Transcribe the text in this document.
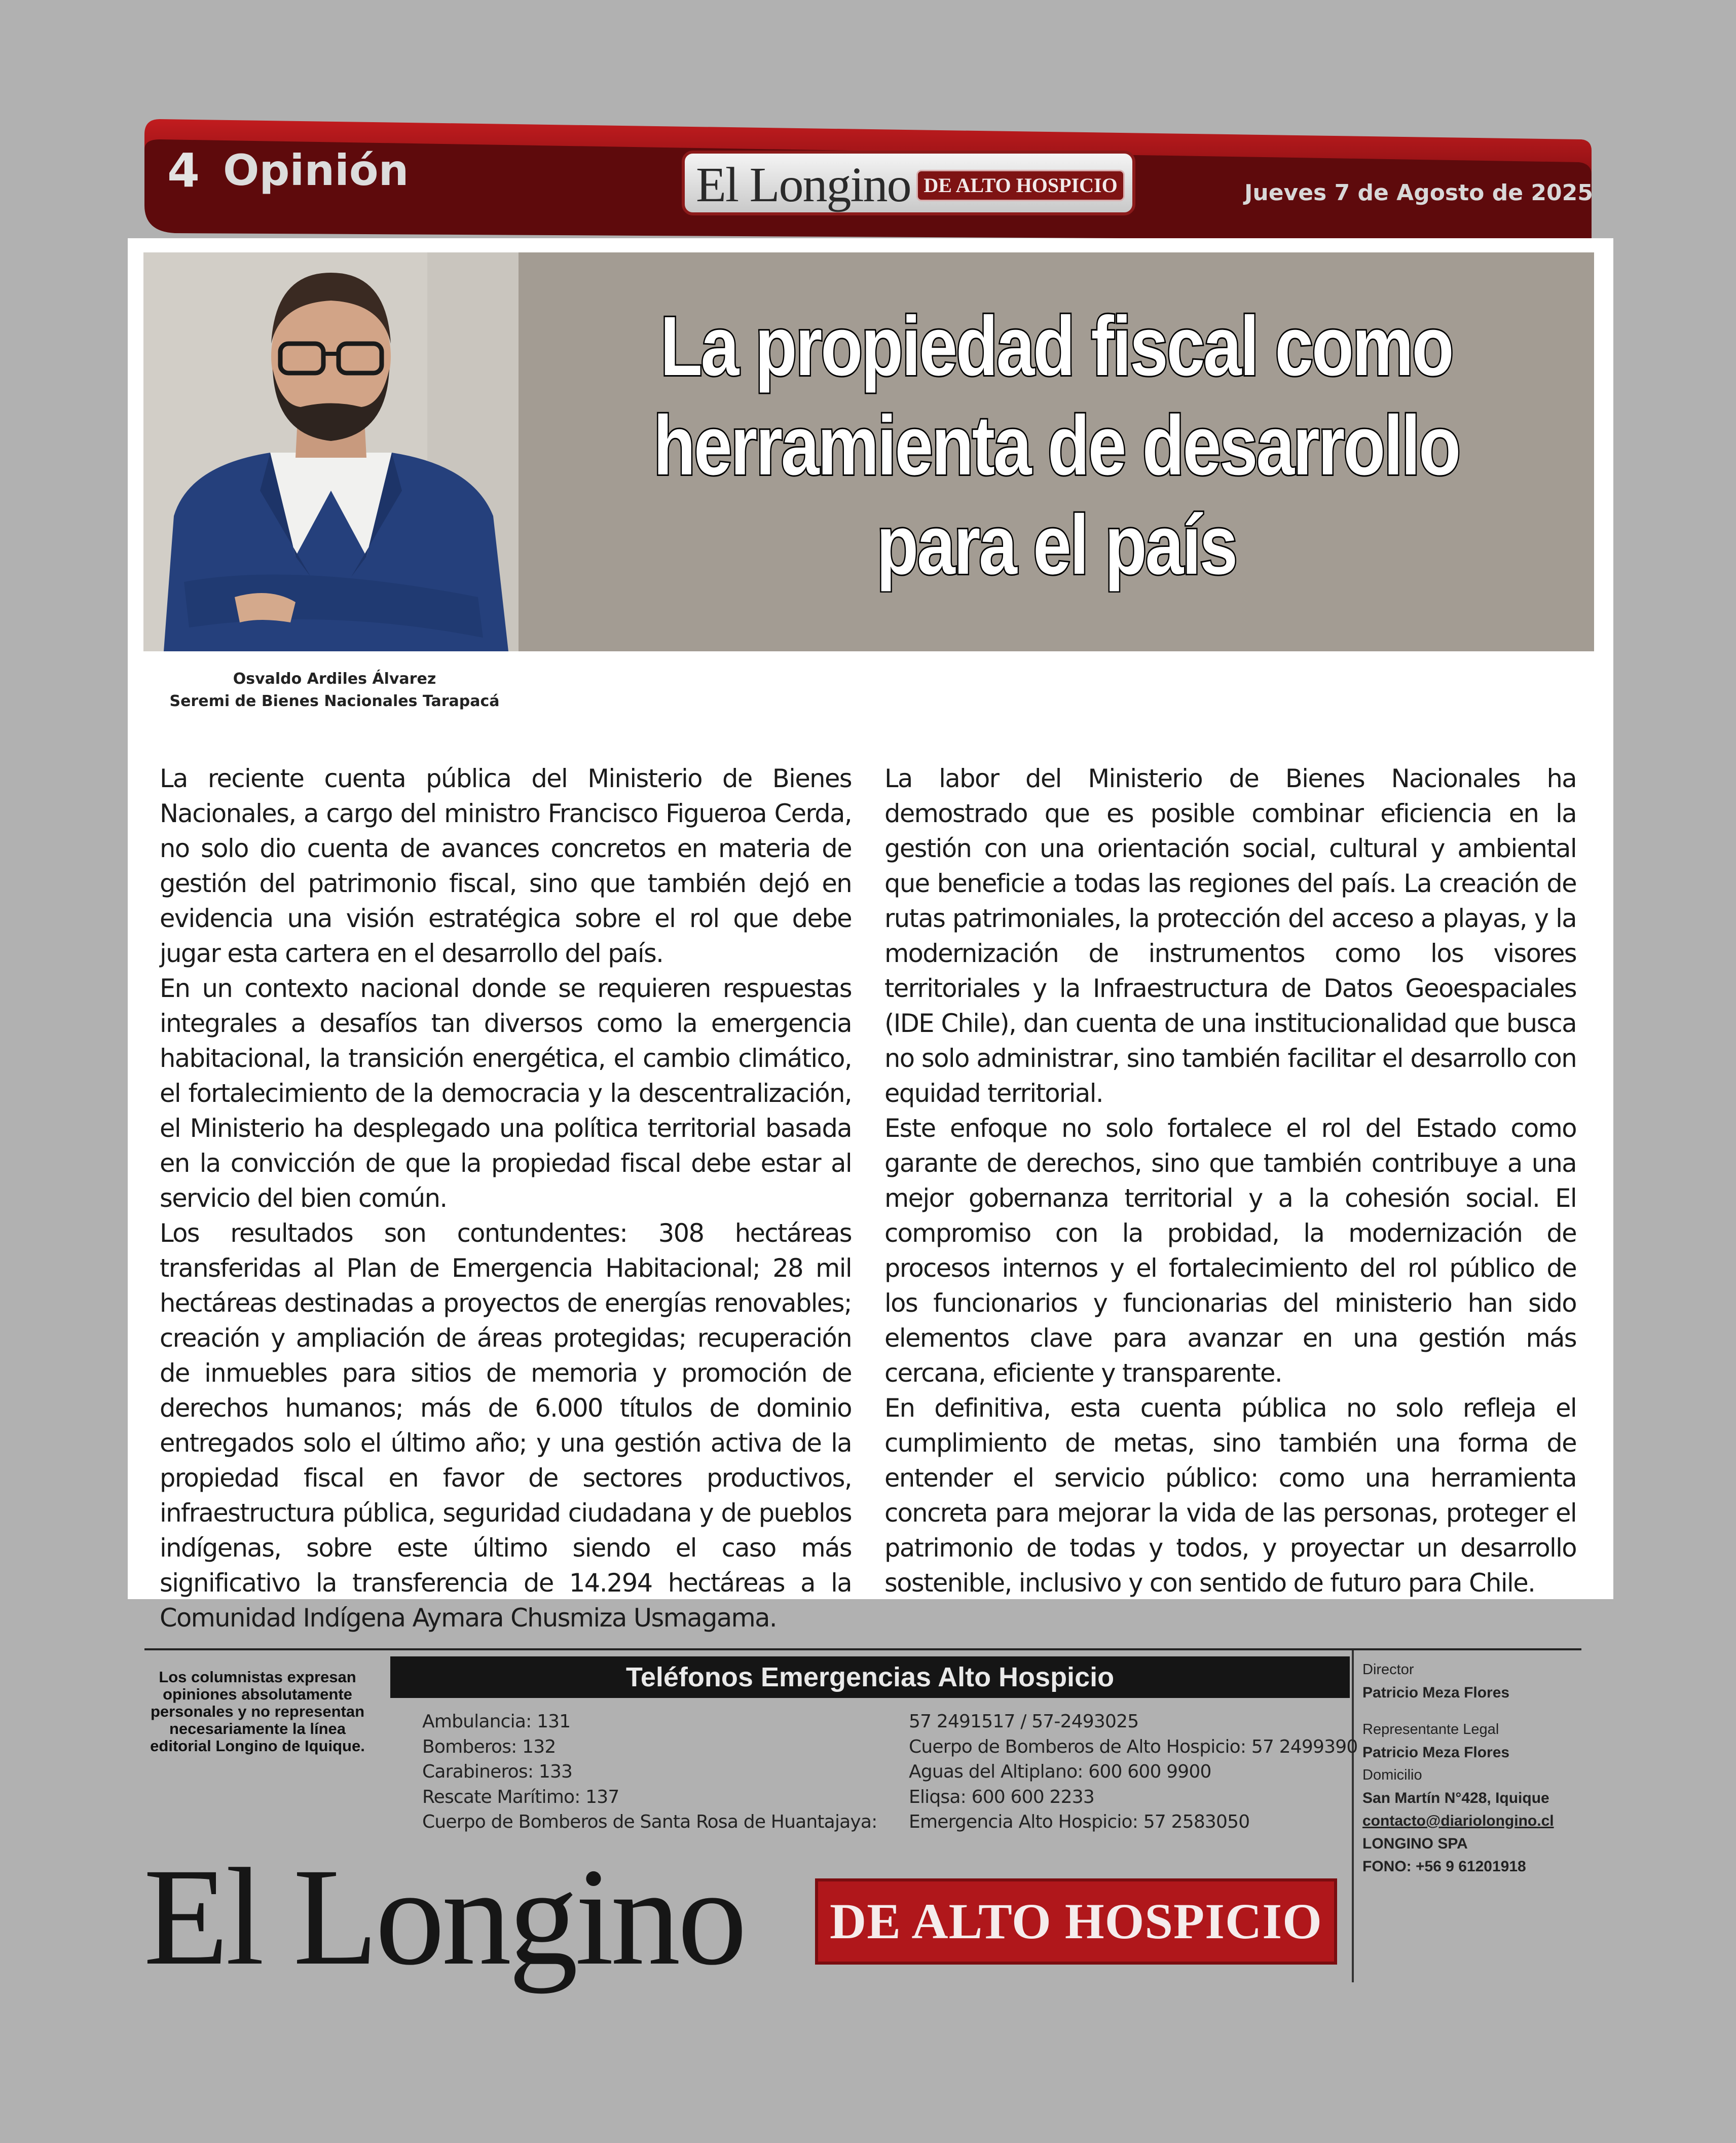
4 Opinión	El Longino DE ALTO HOSPICIO	Jueves 7 de Agosto de 2025
La propiedad fiscal como
herramienta de desarrollo
para el país
Osvaldo Ardiles Álvarez
Seremi de Bienes Nacionales Tarapacá

La reciente cuenta pública del Ministerio de Bienes Nacionales, a cargo del ministro Francisco Figueroa Cerda, no solo dio cuenta de avances concretos en materia de gestión del patrimonio fiscal, sino que también dejó en evidencia una visión estratégica sobre el rol que debe jugar esta cartera en el desarrollo del país.

En un contexto nacional donde se requieren respuestas integrales a desafíos tan diversos como la emergencia habitacional, la transición energética, el cambio climático, el fortalecimiento de la democracia y la descentralización, el Ministerio ha desplegado una política territorial basada en la convicción de que la propiedad fiscal debe estar al servicio del bien común.

Los resultados son contundentes: 308 hectáreas transferidas al Plan de Emergencia Habitacional; 28 mil hectáreas destinadas a proyectos de energías renovables; creación y ampliación de áreas protegidas; recuperación de inmuebles para sitios de memoria y promoción de derechos humanos; más de 6.000 títulos de dominio entregados solo el último año; y una gestión activa de la propiedad fiscal en favor de sectores productivos, infraestructura pública, seguridad ciudadana y de pueblos indígenas, sobre este último siendo el caso más significativo la transferencia de 14.294 hectáreas a la Comunidad Indígena Aymara Chusmiza Usmagama.

La labor del Ministerio de Bienes Nacionales ha demostrado que es posible combinar eficiencia en la gestión con una orientación social, cultural y ambiental que beneficie a todas las regiones del país. La creación de rutas patrimoniales, la protección del acceso a playas, y la modernización de instrumentos como los visores territoriales y la Infraestructura de Datos Geoespaciales (IDE Chile), dan cuenta de una institucionalidad que busca no solo administrar, sino también facilitar el desarrollo con equidad territorial.

Este enfoque no solo fortalece el rol del Estado como garante de derechos, sino que también contribuye a una mejor gobernanza territorial y a la cohesión social. El compromiso con la probidad, la modernización de procesos internos y el fortalecimiento del rol público de los funcionarios y funcionarias del ministerio han sido elementos clave para avanzar en una gestión más cercana, eficiente y transparente.

En definitiva, esta cuenta pública no solo refleja el cumplimiento de metas, sino también una forma de entender el servicio público: como una herramienta concreta para mejorar la vida de las personas, proteger el patrimonio de todas y todos, y proyectar un desarrollo sostenible, inclusivo y con sentido de futuro para Chile.

Los columnistas expresan opiniones absolutamente personales y no representan necesariamente la línea editorial Longino de Iquique.
Teléfonos Emergencias Alto Hospicio
Ambulancia: 131
Bomberos: 132
Carabineros: 133
Rescate Marítimo: 137
Cuerpo de Bomberos de Santa Rosa de Huantajaya:
57 2491517 / 57-2493025
Cuerpo de Bomberos de Alto Hospicio: 57 2499390
Aguas del Altiplano: 600 600 9900
Eliqsa: 600 600 2233
Emergencia Alto Hospicio: 57 2583050
Director
Patricio Meza Flores
Representante Legal
Patricio Meza Flores
Domicilio
San Martín N°428, Iquique
contacto@diariolongino.cl
LONGINO SPA
FONO: +56 9 61201918
El Longino DE ALTO HOSPICIO
